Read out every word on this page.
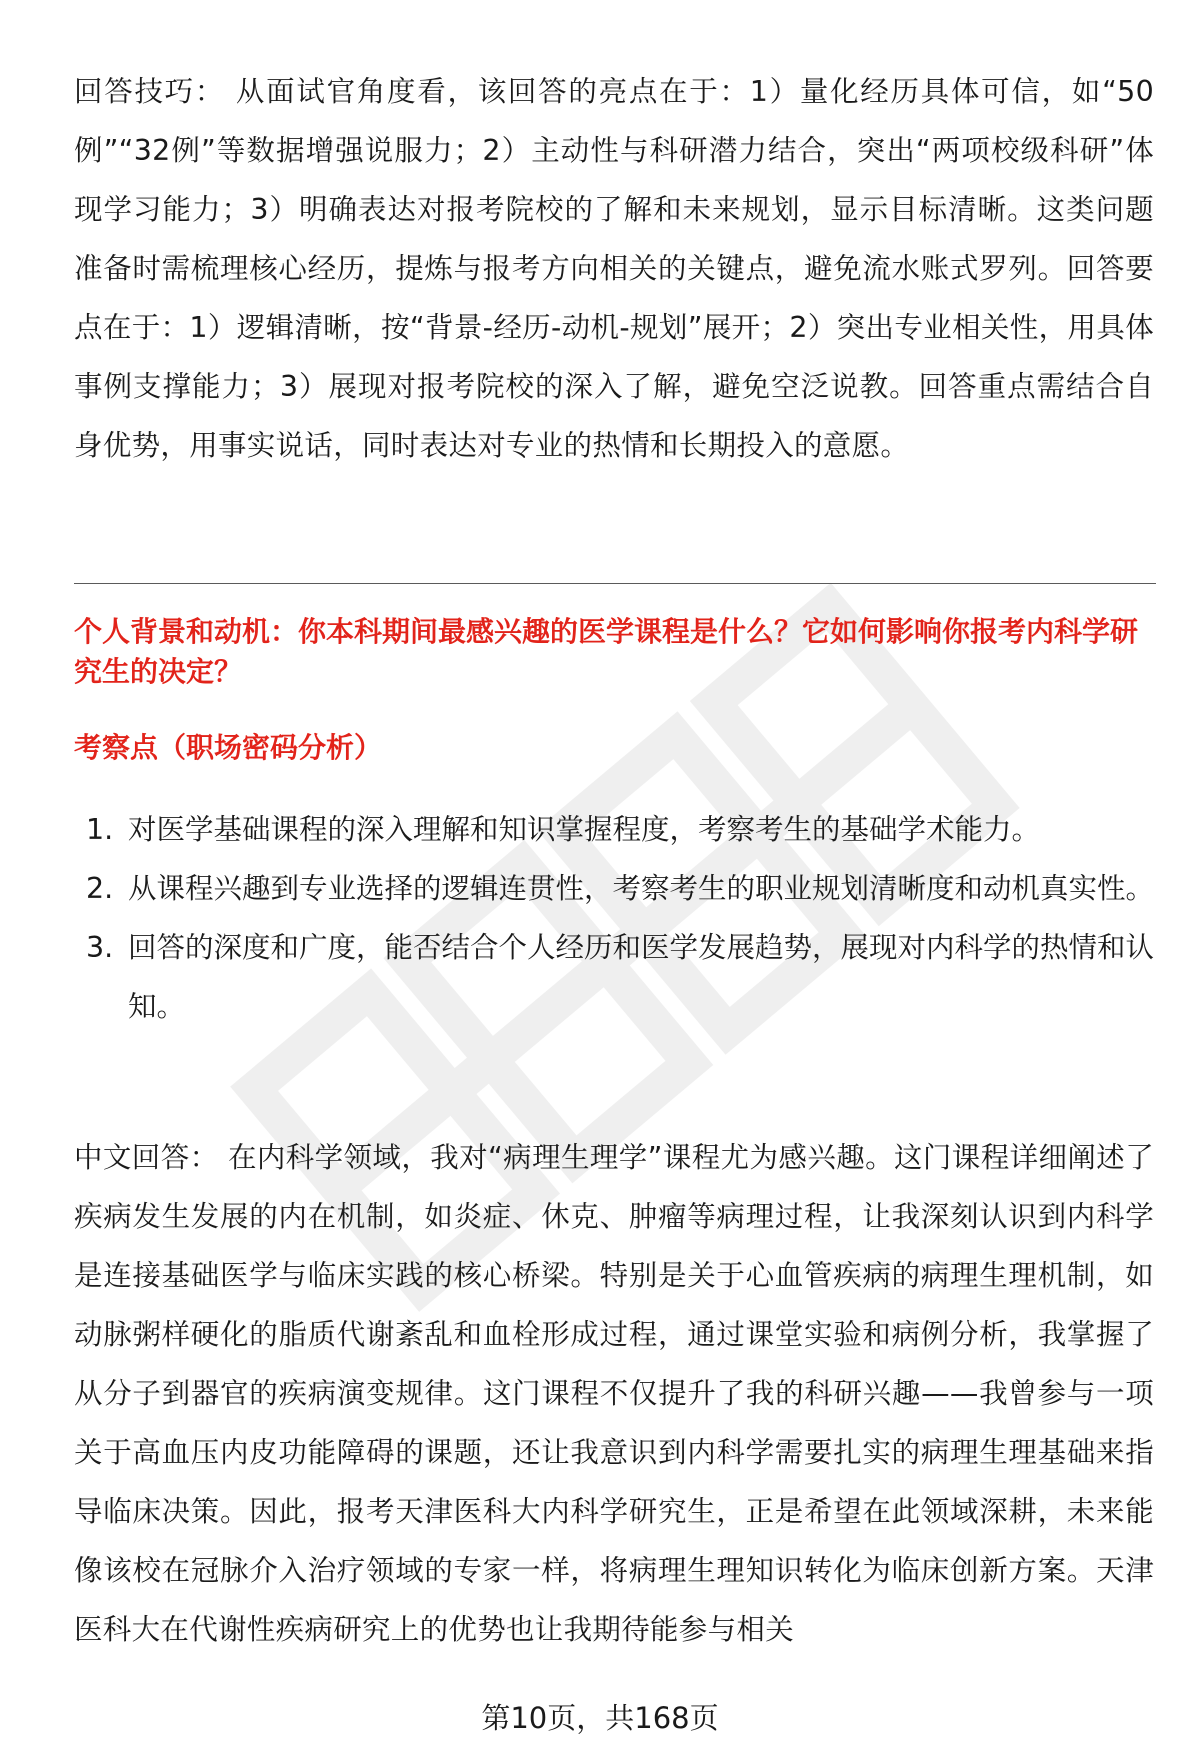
回答技巧： 从面试官角度看，该回答的亮点在于：1）量化经历具体可信，如“50例”“32例”等数据增强说服力；2）主动性与科研潜力结合，突出“两项校级科研”体现学习能力；3）明确表达对报考院校的了解和未来规划，显示目标清晰。这类问题准备时需梳理核心经历，提炼与报考方向相关的关键点，避免流水账式罗列。回答要点在于：1）逻辑清晰，按“背景-经历-动机-规划”展开；2）突出专业相关性，用具体事例支撑能力；3）展现对报考院校的深入了解，避免空泛说教。回答重点需结合自身优势，用事实说话，同时表达对专业的热情和长期投入的意愿。

个人背景和动机：你本科期间最感兴趣的医学课程是什么？它如何影响你报考内科学研究生的决定？

考察点（职场密码分析）

1. 对医学基础课程的深入理解和知识掌握程度，考察考生的基础学术能力。
2. 从课程兴趣到专业选择的逻辑连贯性，考察考生的职业规划清晰度和动机真实性。
3. 回答的深度和广度，能否结合个人经历和医学发展趋势，展现对内科学的热情和认知。

中文回答： 在内科学领域，我对“病理生理学”课程尤为感兴趣。这门课程详细阐述了疾病发生发展的内在机制，如炎症、休克、肿瘤等病理过程，让我深刻认识到内科学是连接基础医学与临床实践的核心桥梁。特别是关于心血管疾病的病理生理机制，如动脉粥样硬化的脂质代谢紊乱和血栓形成过程，通过课堂实验和病例分析，我掌握了从分子到器官的疾病演变规律。这门课程不仅提升了我的科研兴趣——我曾参与一项关于高血压内皮功能障碍的课题，还让我意识到内科学需要扎实的病理生理基础来指导临床决策。因此，报考天津医科大内科学研究生，正是希望在此领域深耕，未来能像该校在冠脉介入治疗领域的专家一样，将病理生理知识转化为临床创新方案。天津医科大在代谢性疾病研究上的优势也让我期待能参与相关

第10页，共168页
